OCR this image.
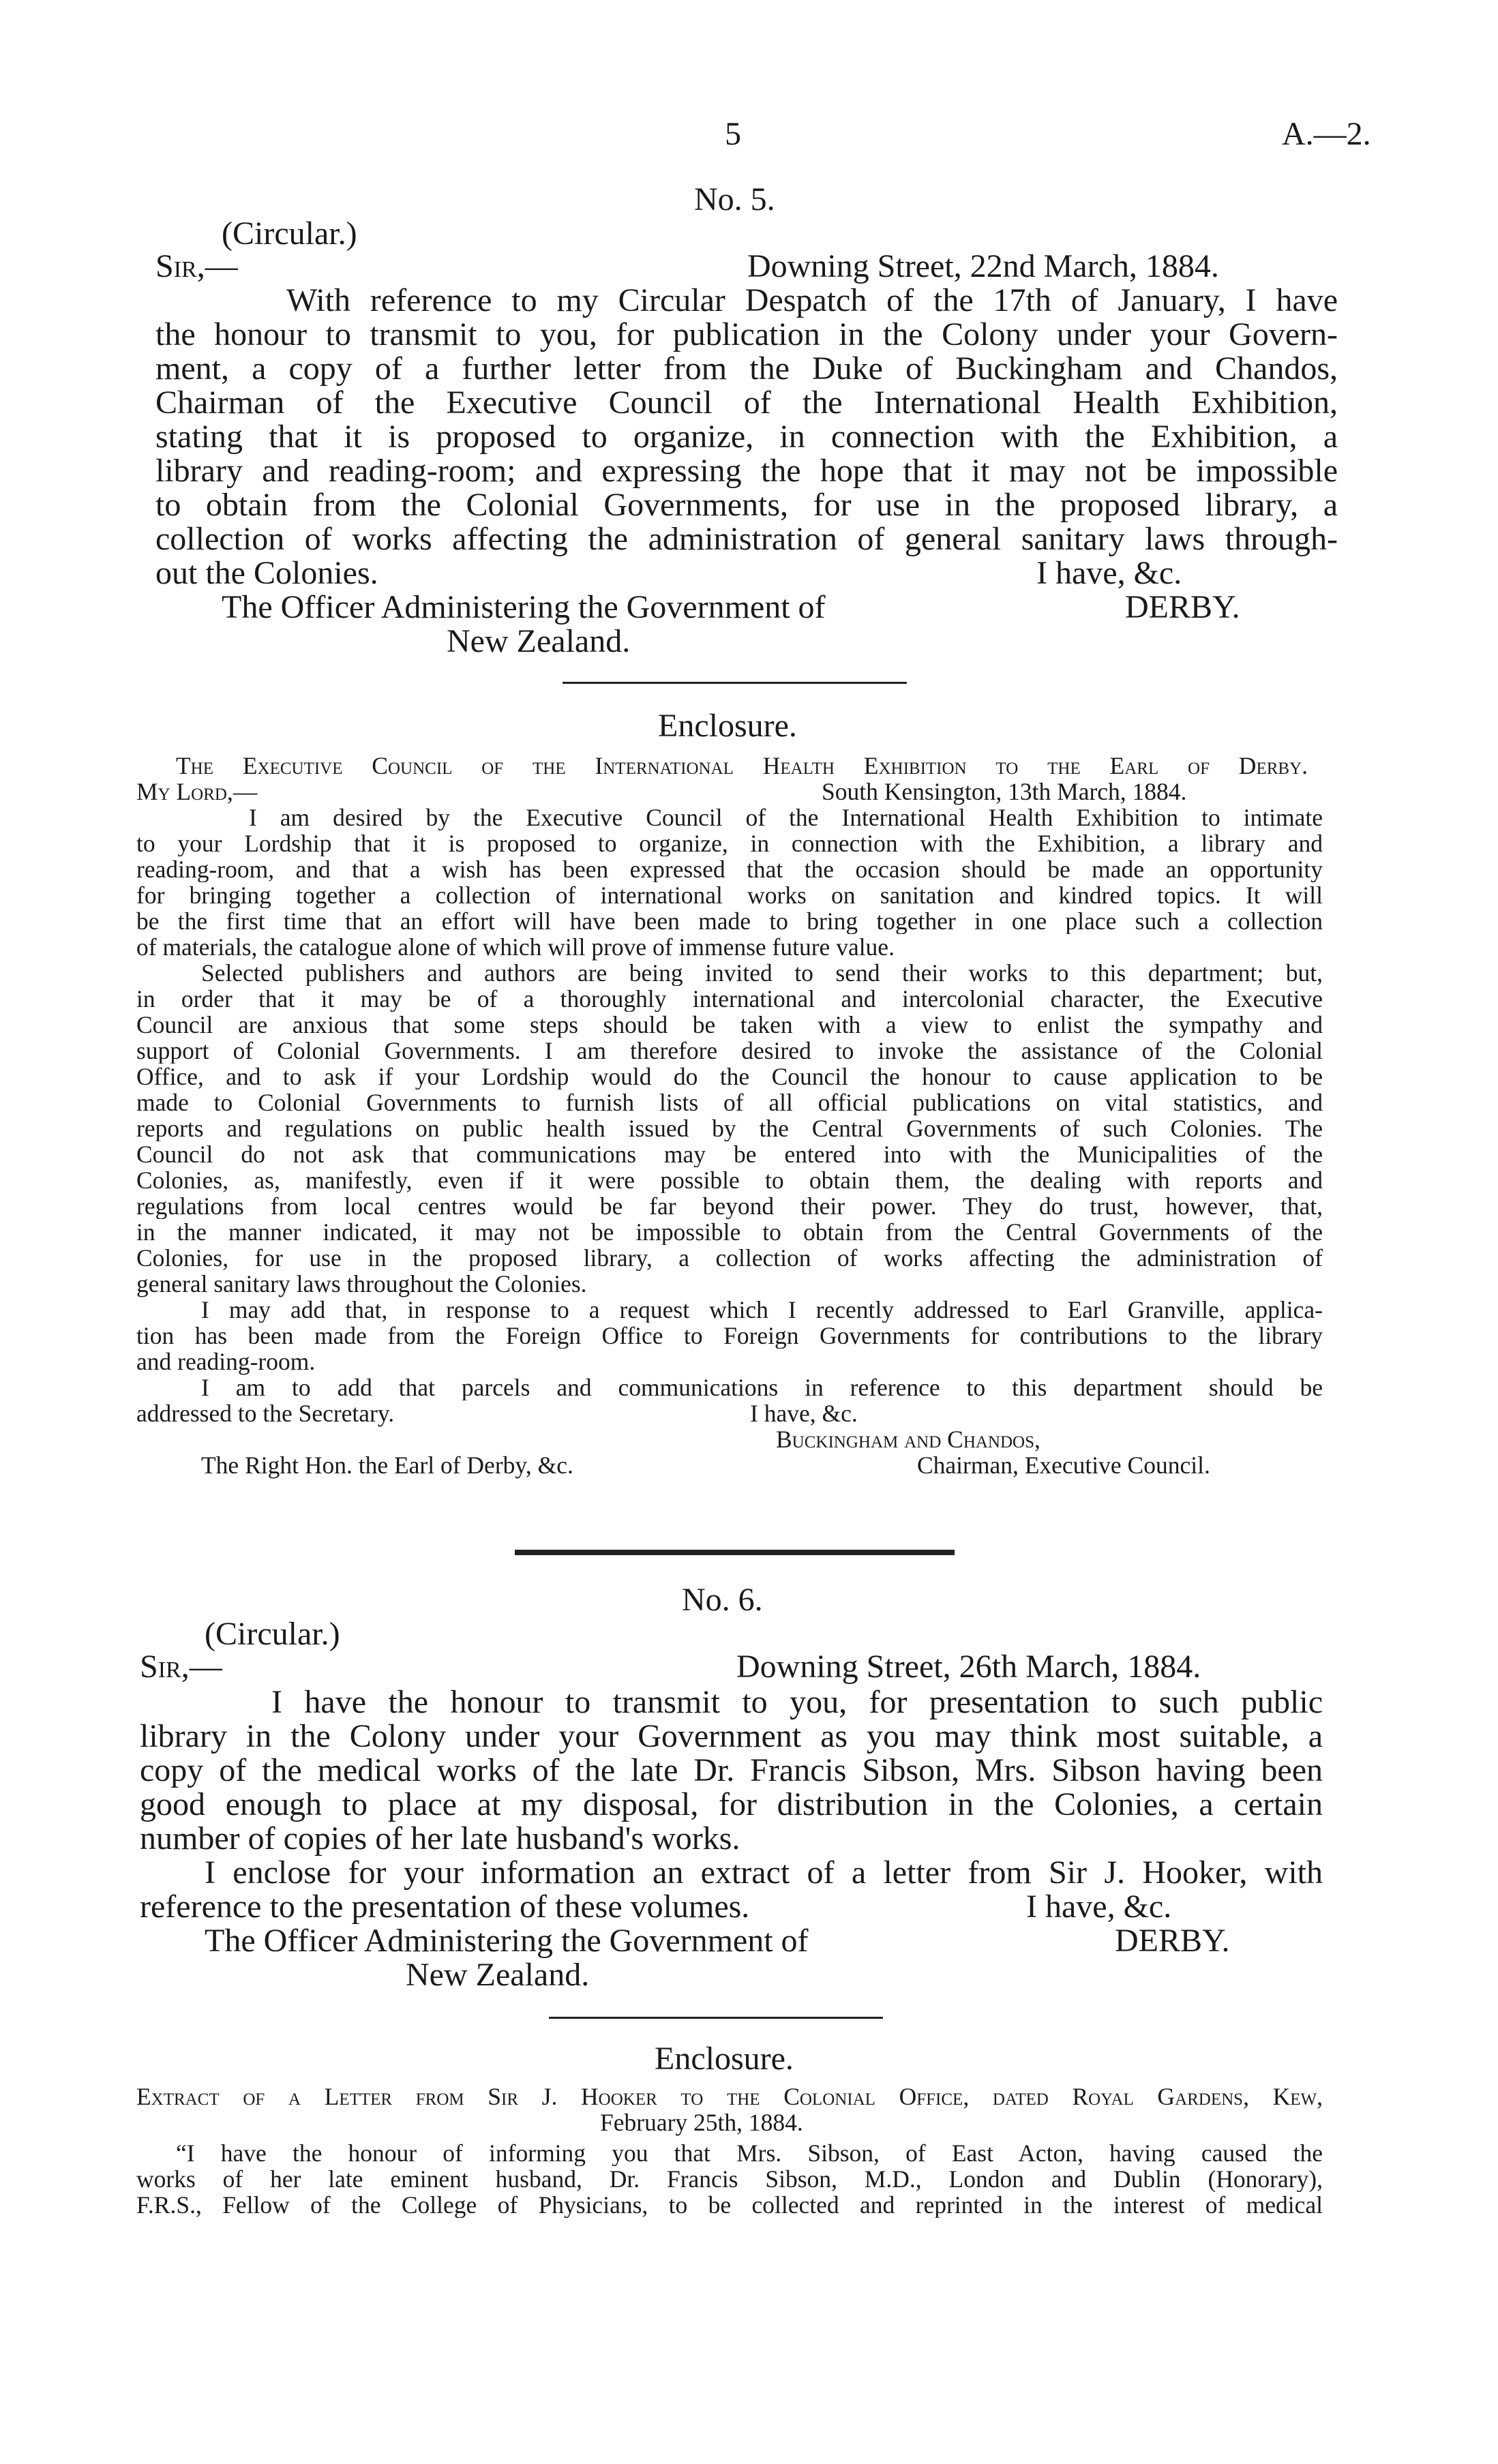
5	A.—2.
No. 5.
(Circular.)
Sir,—	Downing Street, 22nd March, 1884.
With reference to my Circular Despatch of the 17th of January, I have
the honour to transmit to you, for publication in the Colony under your Govern-
ment, a copy of a further letter from the Duke of Buckingham and Chandos,
Chairman of the Executive Council of the International Health Exhibition,
stating that it is proposed to organize, in connection with the Exhibition, a
library and reading-room; and expressing the hope that it may not be impossible
to obtain from the Colonial Governments, for use in the proposed library, a
collection of works affecting the administration of general sanitary laws through-
out the Colonies.	I have, &c.
The Officer Administering the Government of	DERBY.
New Zealand.
Enclosure.
The Executive Council of the International Health Exhibition to the Earl of Derby.
My Lord,—	South Kensington, 13th March, 1884.
I am desired by the Executive Council of the International Health Exhibition to intimate
to your Lordship that it is proposed to organize, in connection with the Exhibition, a library and
reading-room, and that a wish has been expressed that the occasion should be made an opportunity
for bringing together a collection of international works on sanitation and kindred topics. It will
be the first time that an effort will have been made to bring together in one place such a collection
of materials, the catalogue alone of which will prove of immense future value.
Selected publishers and authors are being invited to send their works to this department; but,
in order that it may be of a thoroughly international and intercolonial character, the Executive
Council are anxious that some steps should be taken with a view to enlist the sympathy and
support of Colonial Governments. I am therefore desired to invoke the assistance of the Colonial
Office, and to ask if your Lordship would do the Council the honour to cause application to be
made to Colonial Governments to furnish lists of all official publications on vital statistics, and
reports and regulations on public health issued by the Central Governments of such Colonies. The
Council do not ask that communications may be entered into with the Municipalities of the
Colonies, as, manifestly, even if it were possible to obtain them, the dealing with reports and
regulations from local centres would be far beyond their power. They do trust, however, that,
in the manner indicated, it may not be impossible to obtain from the Central Governments of the
Colonies, for use in the proposed library, a collection of works affecting the administration of
general sanitary laws throughout the Colonies.
I may add that, in response to a request which I recently addressed to Earl Granville, applica-
tion has been made from the Foreign Office to Foreign Governments for contributions to the library
and reading-room.
I am to add that parcels and communications in reference to this department should be
addressed to the Secretary.	I have, &c.
Buckingham and Chandos,
The Right Hon. the Earl of Derby, &c.	Chairman, Executive Council.
No. 6.
(Circular.)
Sir,—	Downing Street, 26th March, 1884.
I have the honour to transmit to you, for presentation to such public
library in the Colony under your Government as you may think most suitable, a
copy of the medical works of the late Dr. Francis Sibson, Mrs. Sibson having been
good enough to place at my disposal, for distribution in the Colonies, a certain
number of copies of her late husband's works.
I enclose for your information an extract of a letter from Sir J. Hooker, with
reference to the presentation of these volumes.	I have, &c.
The Officer Administering the Government of	DERBY.
New Zealand.
Enclosure.
Extract of a Letter from Sir J. Hooker to the Colonial Office, dated Royal Gardens, Kew,
February 25th, 1884.
“I have the honour of informing you that Mrs. Sibson, of East Acton, having caused the
works of her late eminent husband, Dr. Francis Sibson, M.D., London and Dublin (Honorary),
F.R.S., Fellow of the College of Physicians, to be collected and reprinted in the interest of medical
